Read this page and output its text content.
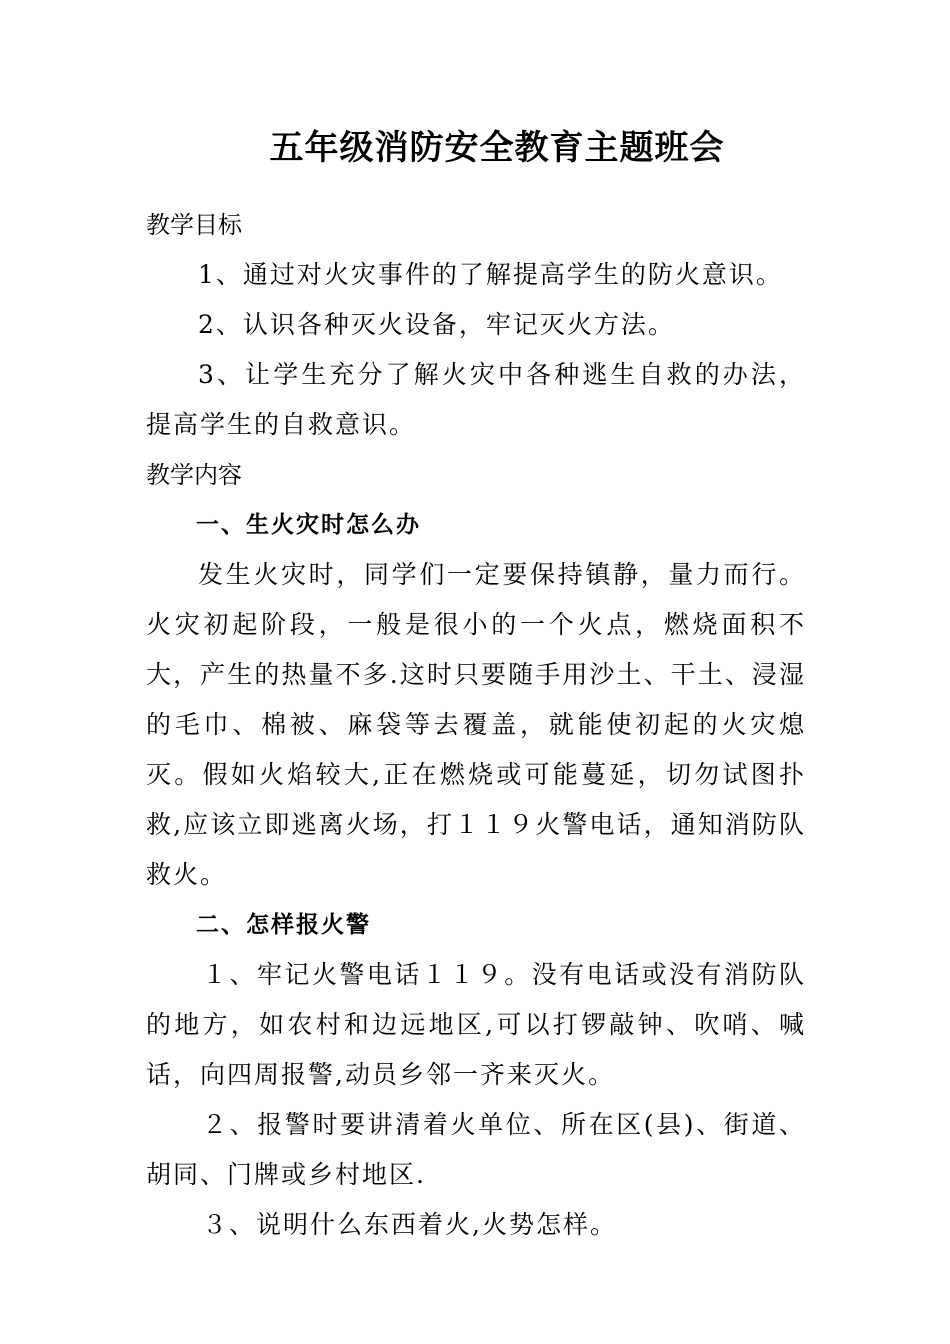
五年级消防安全教育主题班会
教学目标

1、通过对火灾事件的了解提高学生的防火意识。

2、认识各种灭火设备，牢记灭火方法。

3、让学生充分了解火灾中各种逃生自救的办法，提高学生的自救意识。

教学内容
一、生火灾时怎么办

发生火灾时，同学们一定要保持镇静，量力而行。火灾初起阶段，一般是很小的一个火点，燃烧面积不大，产生的热量不多.这时只要随手用沙土、干土、浸湿的毛巾、棉被、麻袋等去覆盖，就能使初起的火灾熄灭。假如火焰较大,正在燃烧或可能蔓延，切勿试图扑救,应该立即逃离火场，打１１９火警电话，通知消防队救火。

二、怎样报火警

１、牢记火警电话１１９。没有电话或没有消防队的地方，如农村和边远地区,可以打锣敲钟、吹哨、喊话，向四周报警,动员乡邻一齐来灭火。

２、报警时要讲清着火单位、所在区(县)、街道、胡同、门牌或乡村地区.

３、说明什么东西着火,火势怎样。
